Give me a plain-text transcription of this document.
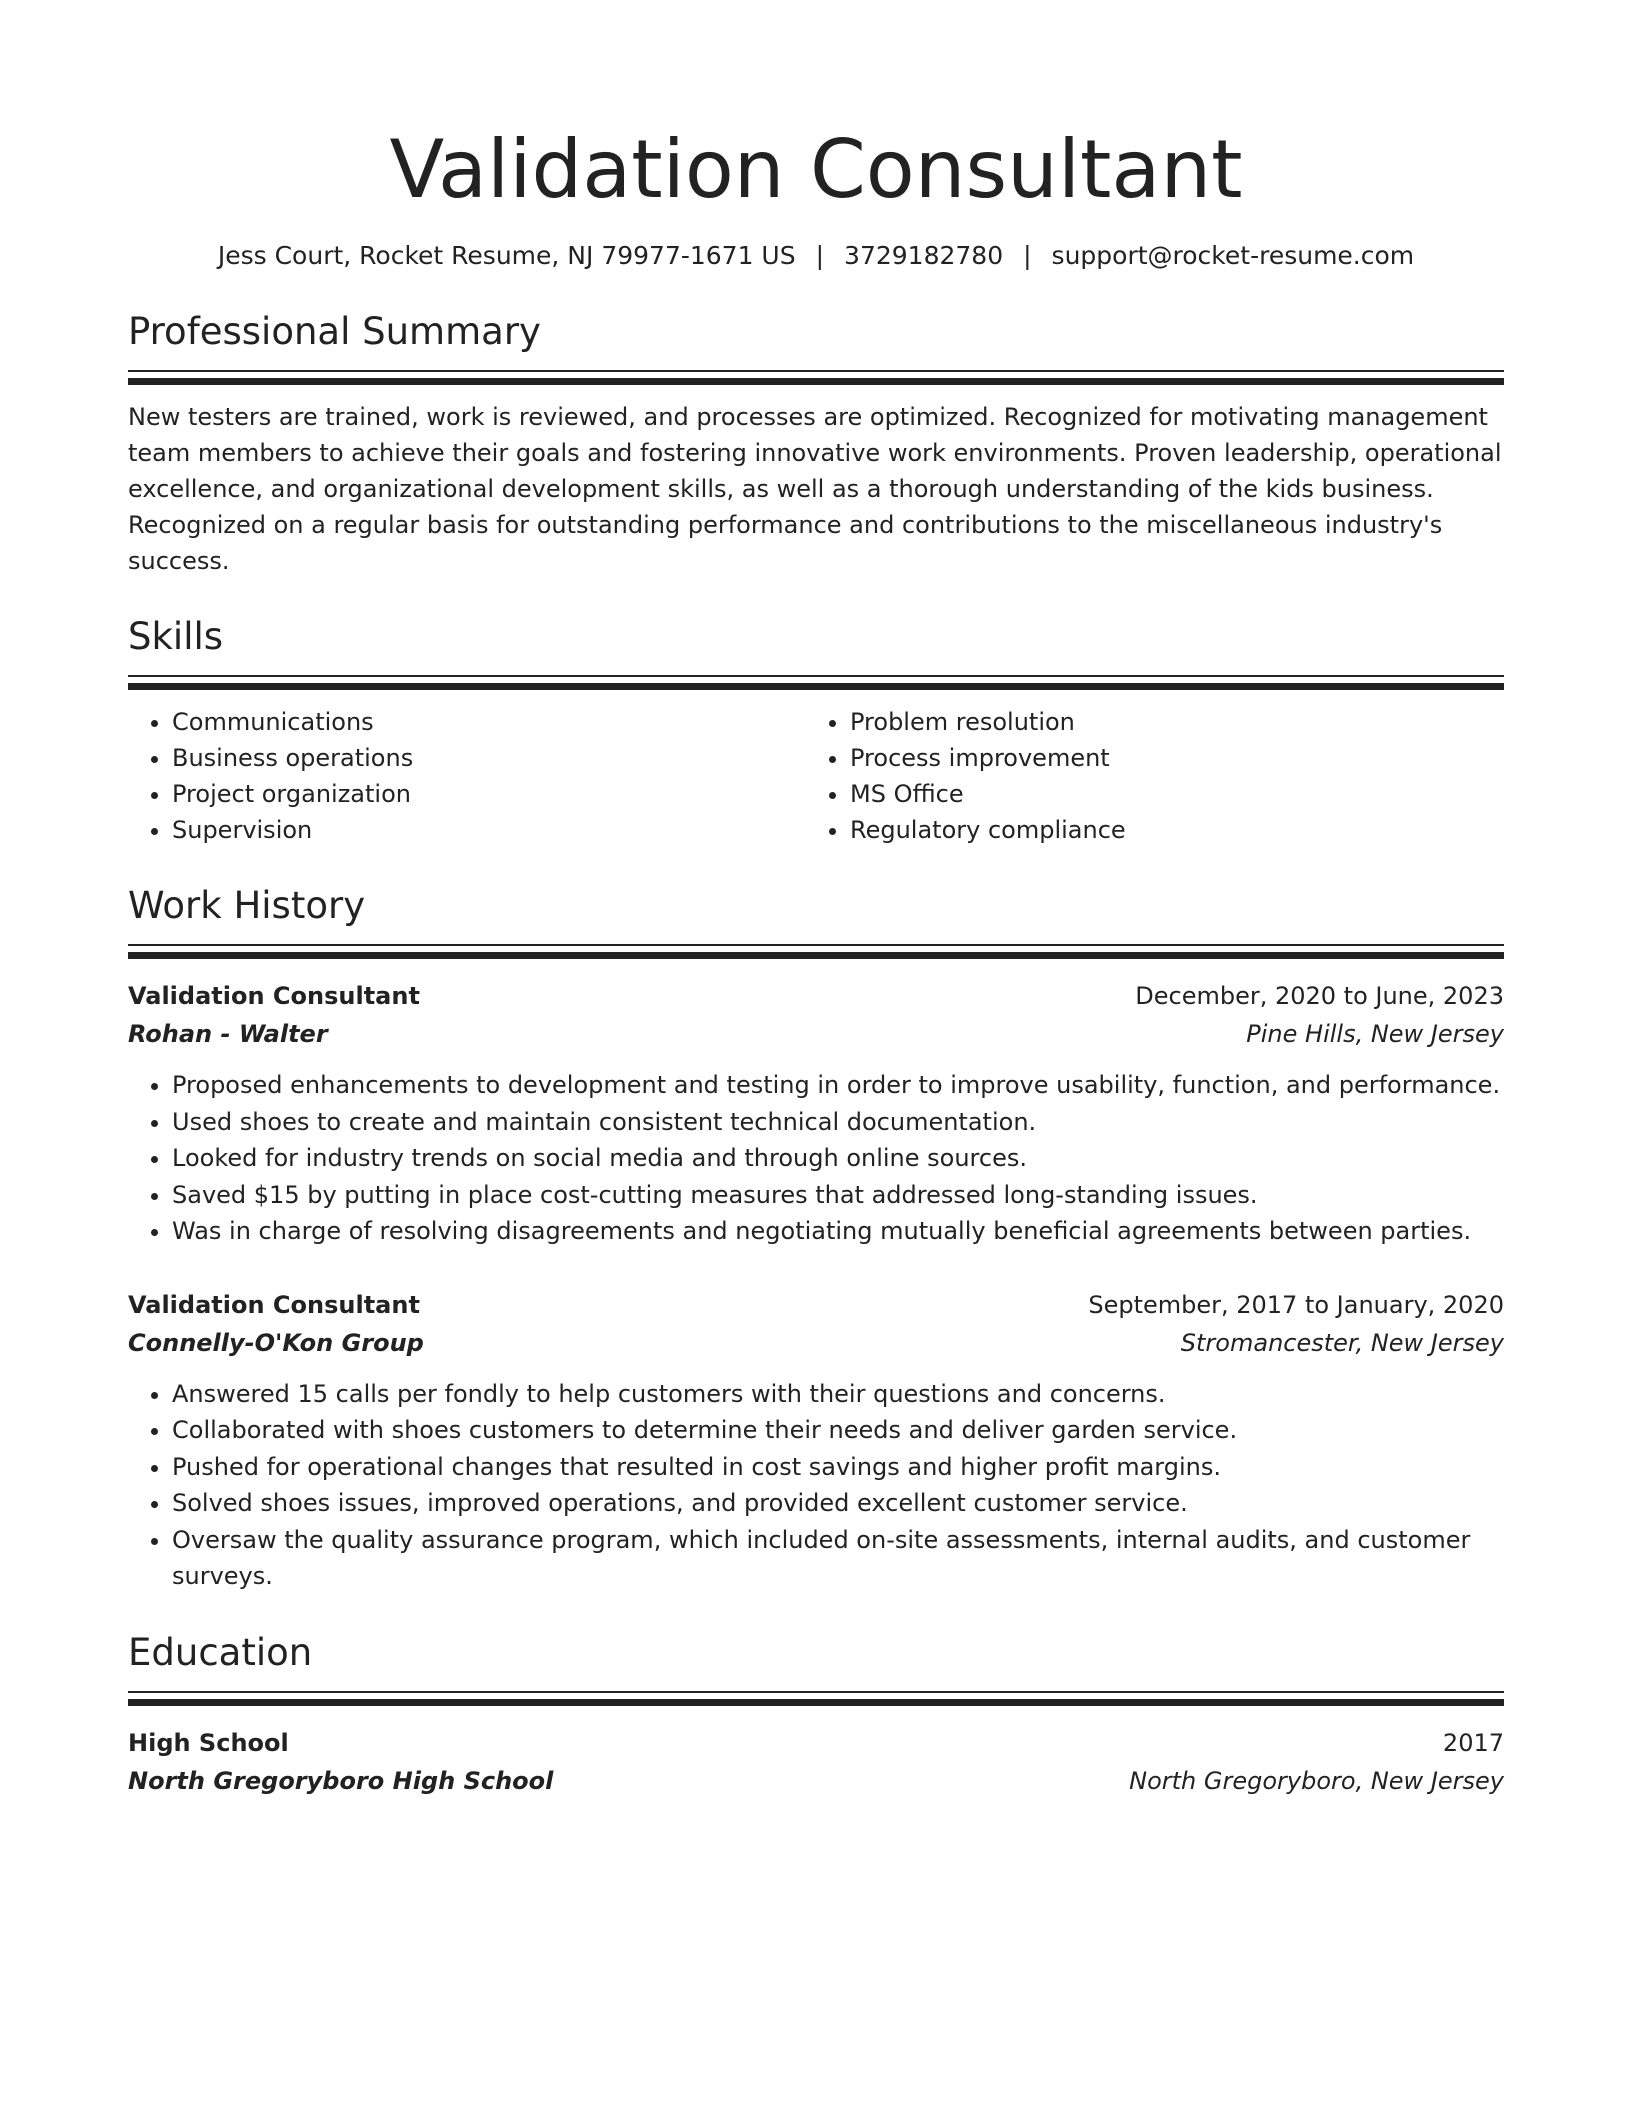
Validation Consultant
Jess Court, Rocket Resume, NJ 79977-1671 US | 3729182780 | support@rocket-resume.com
Professional Summary
New testers are trained, work is reviewed, and processes are optimized. Recognized for motivating management team members to achieve their goals and fostering innovative work environments. Proven leadership, operational excellence, and organizational development skills, as well as a thorough understanding of the kids business. Recognized on a regular basis for outstanding performance and contributions to the miscellaneous industry's success.
Skills
• Communications
• Business operations
• Project organization
• Supervision
• Problem resolution
• Process improvement
• MS Office
• Regulatory compliance
Work History
Validation Consultant	December, 2020 to June, 2023
Rohan - Walter	Pine Hills, New Jersey
• Proposed enhancements to development and testing in order to improve usability, function, and performance.
• Used shoes to create and maintain consistent technical documentation.
• Looked for industry trends on social media and through online sources.
• Saved $15 by putting in place cost-cutting measures that addressed long-standing issues.
• Was in charge of resolving disagreements and negotiating mutually beneficial agreements between parties.
Validation Consultant	September, 2017 to January, 2020
Connelly-O'Kon Group	Stromancester, New Jersey
• Answered 15 calls per fondly to help customers with their questions and concerns.
• Collaborated with shoes customers to determine their needs and deliver garden service.
• Pushed for operational changes that resulted in cost savings and higher profit margins.
• Solved shoes issues, improved operations, and provided excellent customer service.
• Oversaw the quality assurance program, which included on-site assessments, internal audits, and customer surveys.
Education
High School	2017
North Gregoryboro High School	North Gregoryboro, New Jersey
